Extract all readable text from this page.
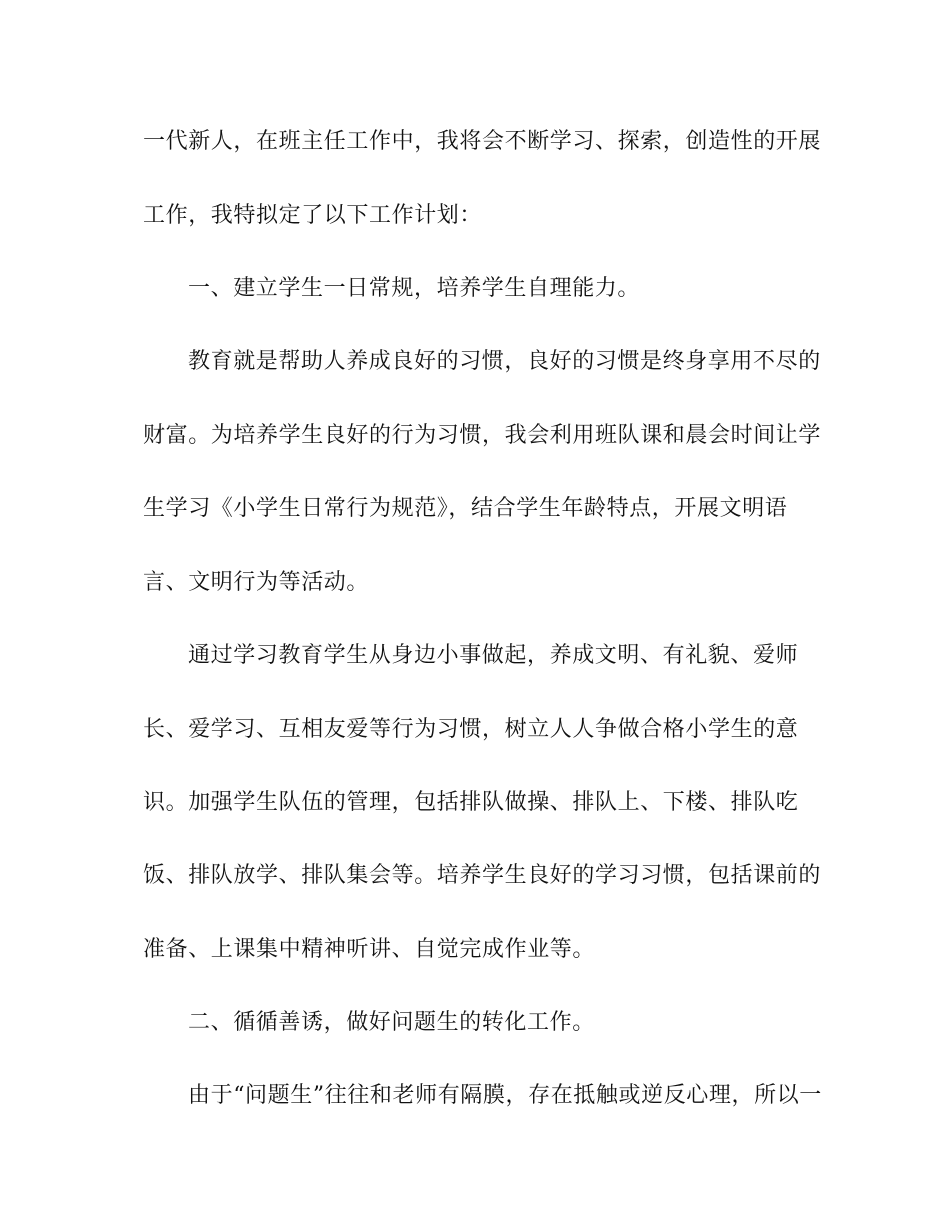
一代新人，在班主任工作中，我将会不断学习、探索，创造性的开展
工作，我特拟定了以下工作计划：
一、建立学生一日常规，培养学生自理能力。
教育就是帮助人养成良好的习惯，良好的习惯是终身享用不尽的
财富。为培养学生良好的行为习惯，我会利用班队课和晨会时间让学
生学习《小学生日常行为规范》，结合学生年龄特点，开展文明语
言、文明行为等活动。
通过学习教育学生从身边小事做起，养成文明、有礼貌、爱师
长、爱学习、互相友爱等行为习惯，树立人人争做合格小学生的意
识。加强学生队伍的管理，包括排队做操、排队上、下楼、排队吃
饭、排队放学、排队集会等。培养学生良好的学习习惯，包括课前的
准备、上课集中精神听讲、自觉完成作业等。
二、循循善诱，做好问题生的转化工作。
由于“问题生”往往和老师有隔膜，存在抵触或逆反心理，所以一
